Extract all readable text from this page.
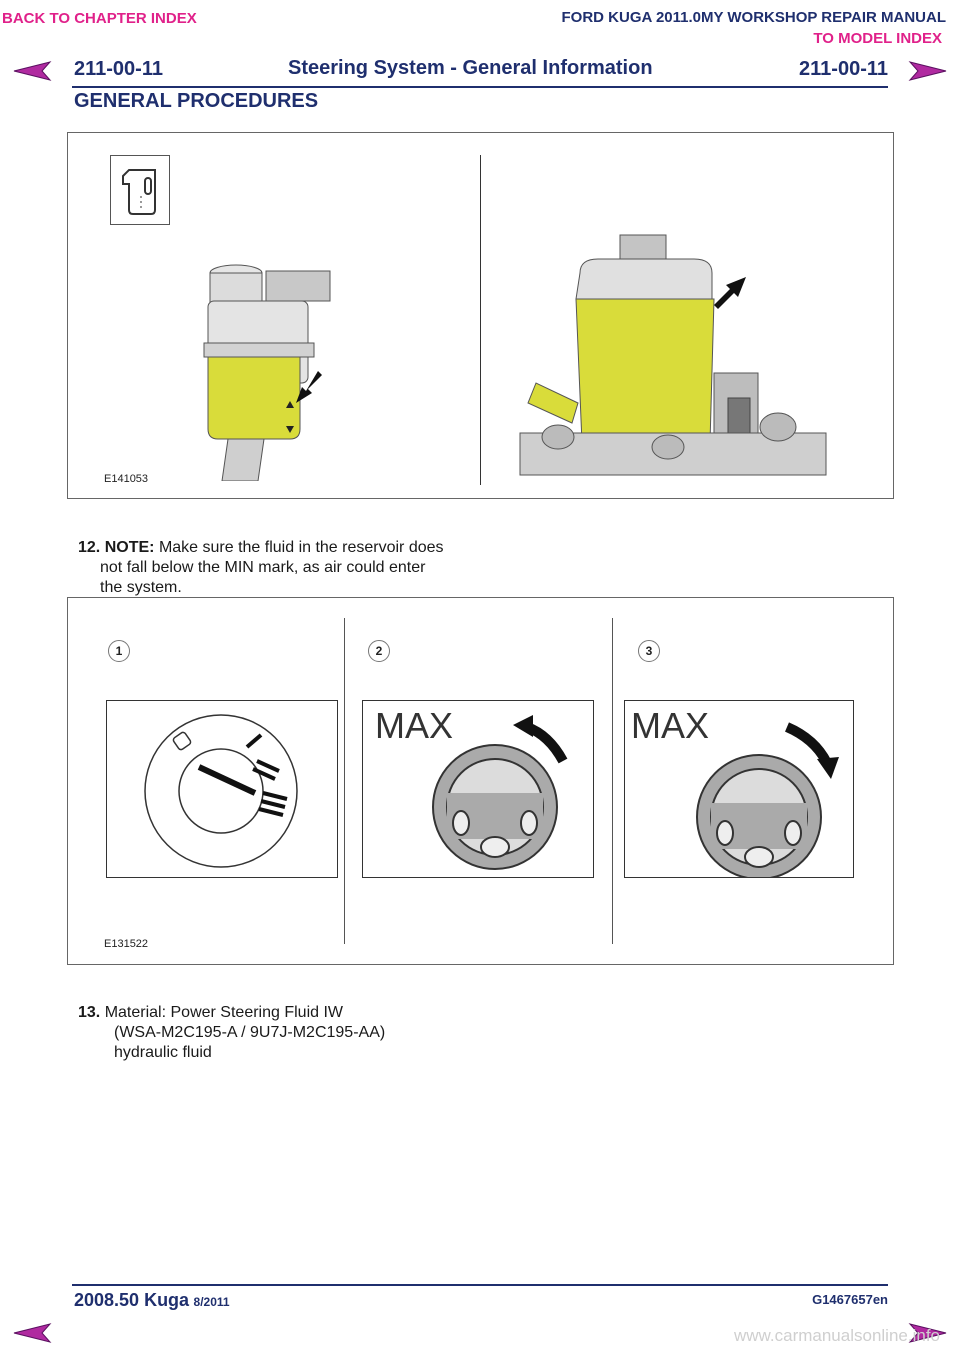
BACK TO CHAPTER INDEX	FORD KUGA 2011.0MY WORKSHOP REPAIR MANUAL
TO MODEL INDEX
211-00-11	Steering System - General Information	211-00-11
GENERAL PROCEDURES
E141053
12. NOTE: Make sure the fluid in the reservoir does
not fall below the MIN mark, as air could enter
the system.
1	2	3
MAX	MAX
E131522
13. Material: Power Steering Fluid IW
(WSA-M2C195-A / 9U7J-M2C195-AA)
hydraulic fluid
2008.50 Kuga 8/2011	G1467657en
www.carmanualsonline.info
